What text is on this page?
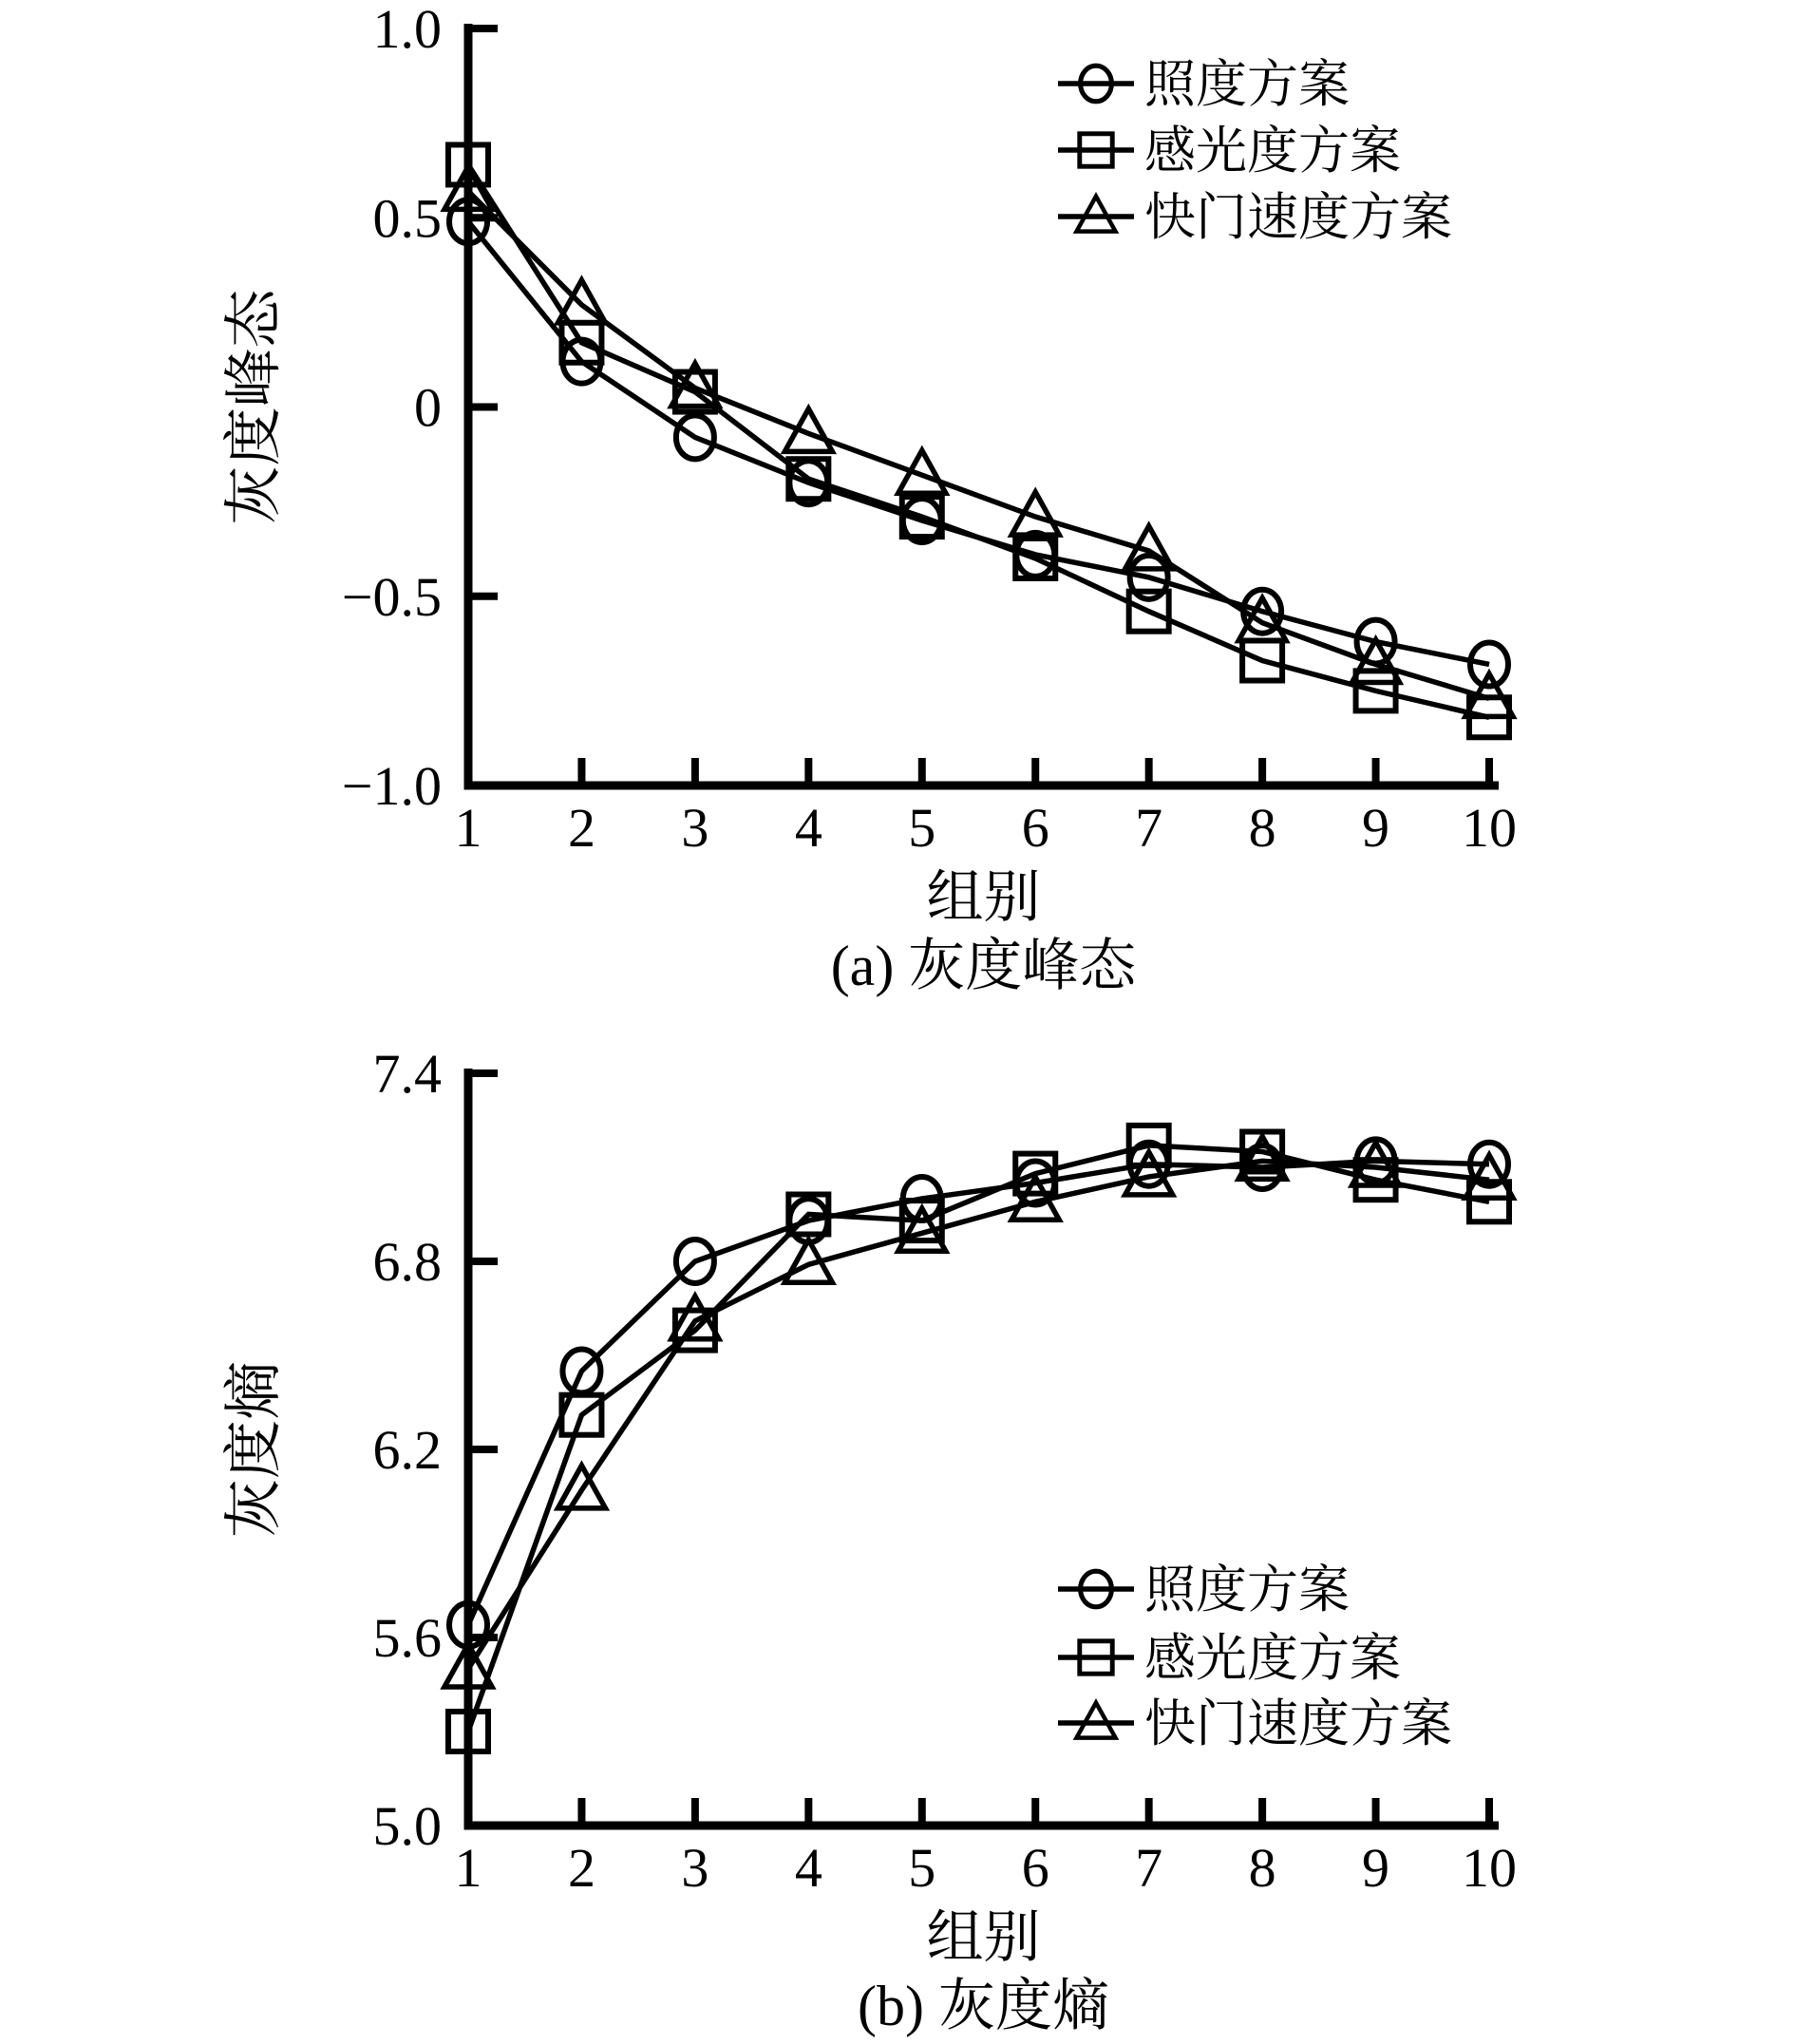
1.0
0.5
0
−0.5
−1.0
1 2 3 4 5 6 7 8 9 10
组别
(a) 灰度峰态
灰度峰态
照度方案
感光度方案
快门速度方案
7.4
6.8
6.2
5.6
5.0
1 2 3 4 5 6 7 8 9 10
组别
(b) 灰度熵
灰度熵
照度方案
感光度方案
快门速度方案
